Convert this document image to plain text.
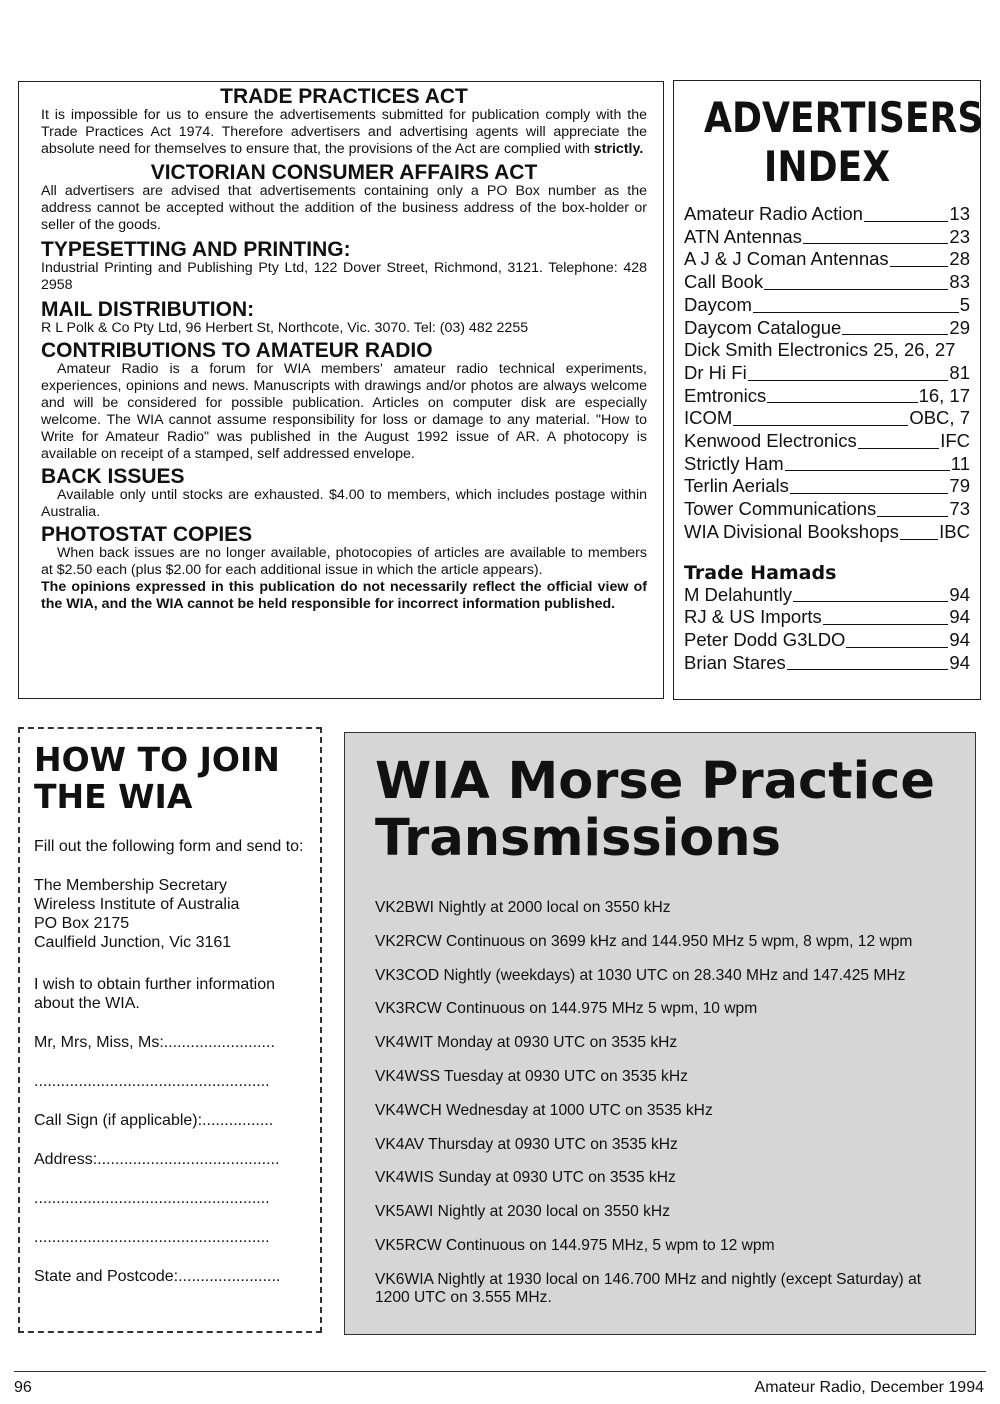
TRADE PRACTICES ACT

It is impossible for us to ensure the advertisements submitted for publication comply with the Trade Practices Act 1974. Therefore advertisers and advertising agents will appreciate the absolute need for themselves to ensure that, the provisions of the Act are complied with strictly.

VICTORIAN CONSUMER AFFAIRS ACT

All advertisers are advised that advertisements containing only a PO Box number as the address cannot be accepted without the addition of the business address of the box-holder or seller of the goods.

TYPESETTING AND PRINTING:

Industrial Printing and Publishing Pty Ltd, 122 Dover Street, Richmond, 3121. Telephone: 428 2958

MAIL DISTRIBUTION:

R L Polk & Co Pty Ltd, 96 Herbert St, Northcote, Vic. 3070. Tel: (03) 482 2255

CONTRIBUTIONS TO AMATEUR RADIO

Amateur Radio is a forum for WIA members' amateur radio technical experiments, experiences, opinions and news. Manuscripts with drawings and/or photos are always welcome and will be considered for possible publication. Articles on computer disk are especially welcome. The WIA cannot assume responsibility for loss or damage to any material. "How to Write for Amateur Radio" was published in the August 1992 issue of AR. A photocopy is available on receipt of a stamped, self addressed envelope.

BACK ISSUES

Available only until stocks are exhausted. $4.00 to members, which includes postage within Australia.

PHOTOSTAT COPIES

When back issues are no longer available, photocopies of articles are available to members at $2.50 each (plus $2.00 for each additional issue in which the article appears).

The opinions expressed in this publication do not necessarily reflect the official view of the WIA, and the WIA cannot be held responsible for incorrect information published.

ADVERTISERS
INDEX
Amateur Radio Action	13
ATN Antennas	23
A J & J Coman Antennas	28
Call Book	83
Daycom	5
Daycom Catalogue	29
Dick Smith Electronics 25, 26, 27
Dr Hi Fi	81
Emtronics	16, 17
ICOM	OBC, 7
Kenwood Electronics	IFC
Strictly Ham	11
Terlin Aerials	79
Tower Communications	73
WIA Divisional Bookshops IBC
Trade Hamads
M Delahuntly	94
RJ & US Imports	94
Peter Dodd G3LDO	94
Brian Stares	94
HOW TO JOIN
THE WIA

Fill out the following form and send to:

The Membership Secretary

Wireless Institute of Australia

PO Box 2175

Caulfield Junction, Vic 3161

I wish to obtain further information about the WIA.

Mr, Mrs, Miss, Ms:.........................

.....................................................

Call Sign (if applicable):................

Address:.........................................

.....................................................

.....................................................

State and Postcode:.......................

WIA Morse Practice
Transmissions

VK2BWI Nightly at 2000 local on 3550 kHz

VK2RCW Continuous on 3699 kHz and 144.950 MHz 5 wpm, 8 wpm, 12 wpm

VK3COD Nightly (weekdays) at 1030 UTC on 28.340 MHz and 147.425 MHz

VK3RCW Continuous on 144.975 MHz 5 wpm, 10 wpm

VK4WIT Monday at 0930 UTC on 3535 kHz

VK4WSS Tuesday at 0930 UTC on 3535 kHz

VK4WCH Wednesday at 1000 UTC on 3535 kHz

VK4AV Thursday at 0930 UTC on 3535 kHz

VK4WIS Sunday at 0930 UTC on 3535 kHz

VK5AWI Nightly at 2030 local on 3550 kHz

VK5RCW Continuous on 144.975 MHz, 5 wpm to 12 wpm

VK6WIA Nightly at 1930 local on 146.700 MHz and nightly (except Saturday) at 1200 UTC on 3.555 MHz.

96	Amateur Radio, December 1994
